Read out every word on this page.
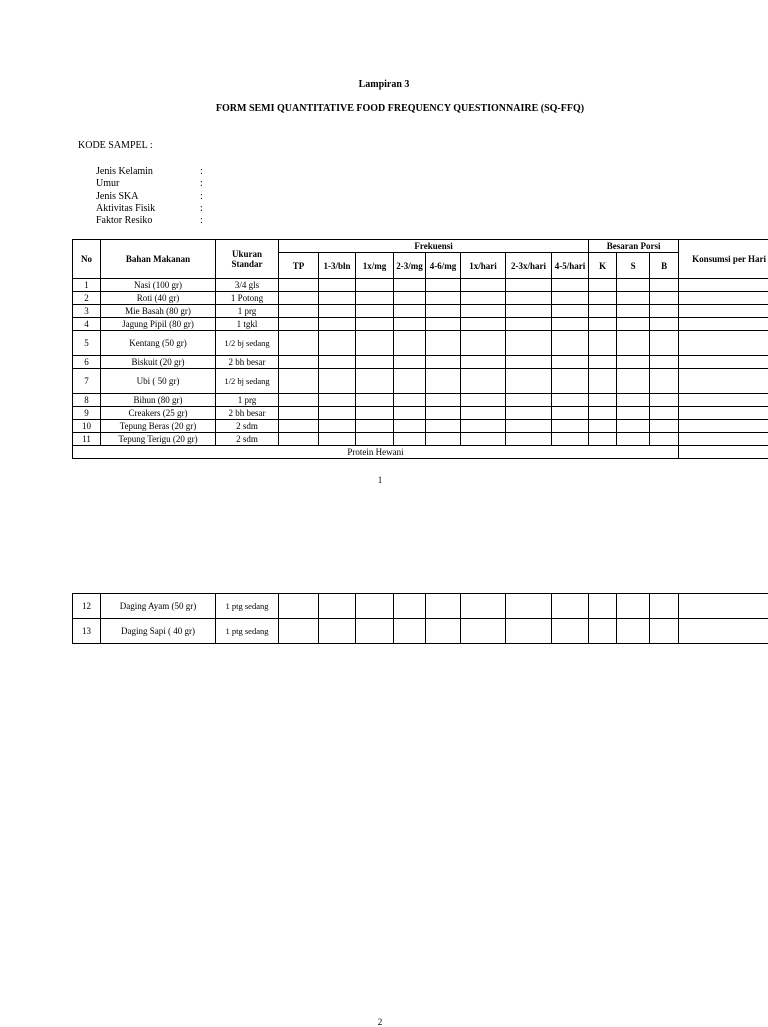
Lampiran 3
FORM SEMI QUANTITATIVE FOOD FREQUENCY QUESTIONNAIRE (SQ-FFQ)
KODE SAMPEL :
Jenis Kelamin	:
Umur	:
Jenis SKA	:
Aktivitas Fisik	:
Faktor Resiko	:
No	Bahan Makanan	Ukuran Standar	Frekuensi								Besaran Porsi			Konsumsi per Hari
			TP	1-3/bln	1x/mg	2-3/mg	4-6/mg	1x/hari	2-3x/hari	4-5/hari	K	S	B	
1	Nasi (100 gr)	3/4 gls												
2	Roti (40 gr)	1 Potong												
3	Mie Basah (80 gr)	1 prg												
4	Jagung Pipil (80 gr)	1 tgkl												
5	Kentang (50 gr)	1/2 bj sedang												
6	Biskuit (20 gr)	2 bh besar												
7	Ubi ( 50 gr)	1/2 bj sedang												
8	Bihun (80 gr)	1 prg												
9	Creakers (25 gr)	2 bh besar												
10	Tepung Beras (20 gr)	2 sdm												
11	Tepung Terigu (20 gr)	2 sdm												
Protein Hewani														
1
12	Daging Ayam (50 gr)	1 ptg sedang												
13	Daging Sapi ( 40 gr)	1 ptg sedang												
2
